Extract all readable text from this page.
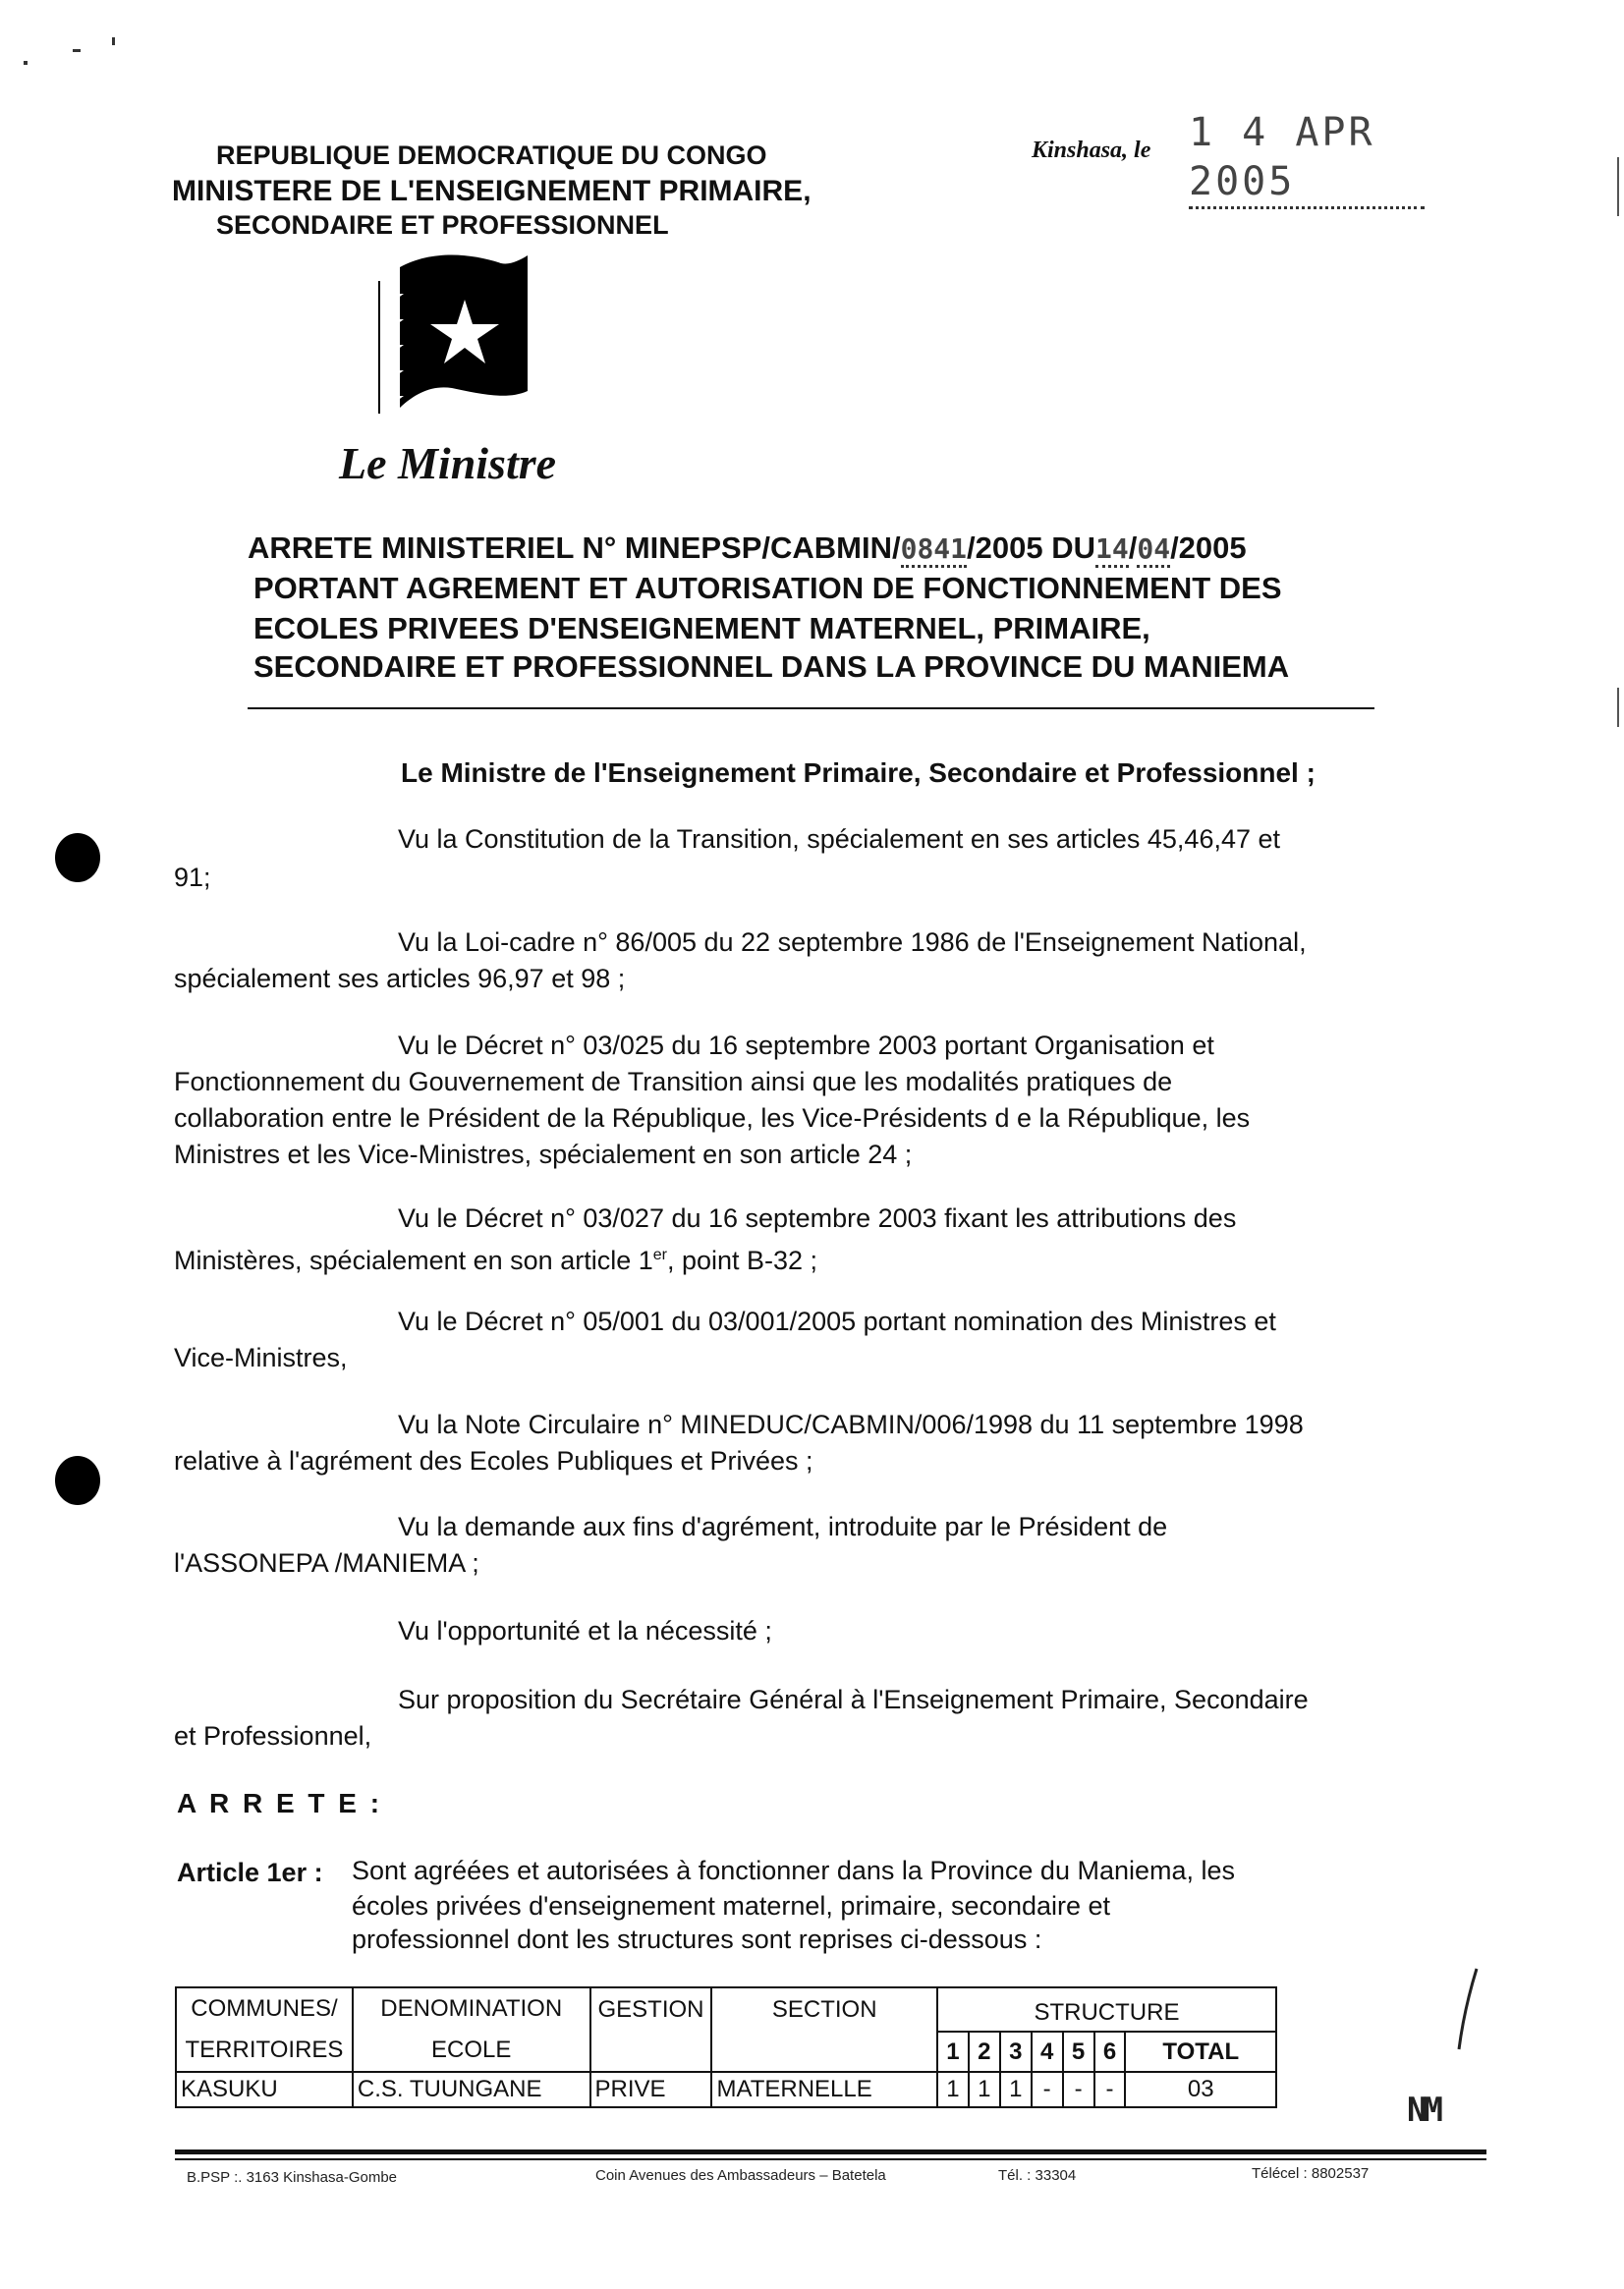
REPUBLIQUE DEMOCRATIQUE DU CONGO
MINISTERE DE L'ENSEIGNEMENT PRIMAIRE,
SECONDAIRE ET PROFESSIONNEL
Kinshasa, le 1 4 APR 2005
Le Ministre
ARRETE MINISTERIEL N° MINEPSP/CABMIN/0841/2005 DU14/04/2005
PORTANT AGREMENT ET AUTORISATION DE FONCTIONNEMENT DES
ECOLES PRIVEES D'ENSEIGNEMENT MATERNEL, PRIMAIRE,
SECONDAIRE ET PROFESSIONNEL DANS LA PROVINCE DU MANIEMA
Le Ministre de l'Enseignement Primaire, Secondaire et Professionnel ;
Vu la Constitution de la Transition, spécialement en ses articles 45,46,47 et
91;
Vu la Loi-cadre n° 86/005 du 22 septembre 1986 de l'Enseignement National,
spécialement ses articles 96,97 et 98 ;
Vu le Décret n° 03/025 du 16 septembre 2003 portant Organisation et
Fonctionnement du Gouvernement de Transition ainsi que les modalités pratiques de
collaboration entre le Président de la République, les Vice-Présidents d e la République, les
Ministres et les Vice-Ministres, spécialement en son article 24 ;
Vu le Décret n° 03/027 du 16 septembre 2003 fixant les attributions des
Ministères, spécialement en son article 1er, point B-32 ;
Vu le Décret n° 05/001 du 03/001/2005 portant nomination des Ministres et
Vice-Ministres,
Vu la Note Circulaire n° MINEDUC/CABMIN/006/1998 du 11 septembre 1998
relative à l'agrément des Ecoles Publiques et Privées ;
Vu la demande aux fins d'agrément, introduite par le Président de
l'ASSONEPA /MANIEMA ;
Vu l'opportunité et la nécessité ;
Sur proposition du Secrétaire Général à l'Enseignement Primaire, Secondaire
et Professionnel,
A R R E T E :
Article 1er : Sont agréées et autorisées à fonctionner dans la Province du Maniema, les
écoles privées d'enseignement maternel, primaire, secondaire et
professionnel dont les structures sont reprises ci-dessous :
COMMUNES/
TERRITOIRES	DENOMINATION
ECOLE	GESTION	SECTION	STRUCTURE						
				1	2	3	4	5	6	TOTAL
KASUKU	C.S. TUUNGANE	PRIVE	MATERNELLE	1	1	1	-	-	-	03
NM
B.PSP :. 3163 Kinshasa-Gombe	Coin Avenues des Ambassadeurs – Batetela	Tél. : 33304	Télécel : 8802537
